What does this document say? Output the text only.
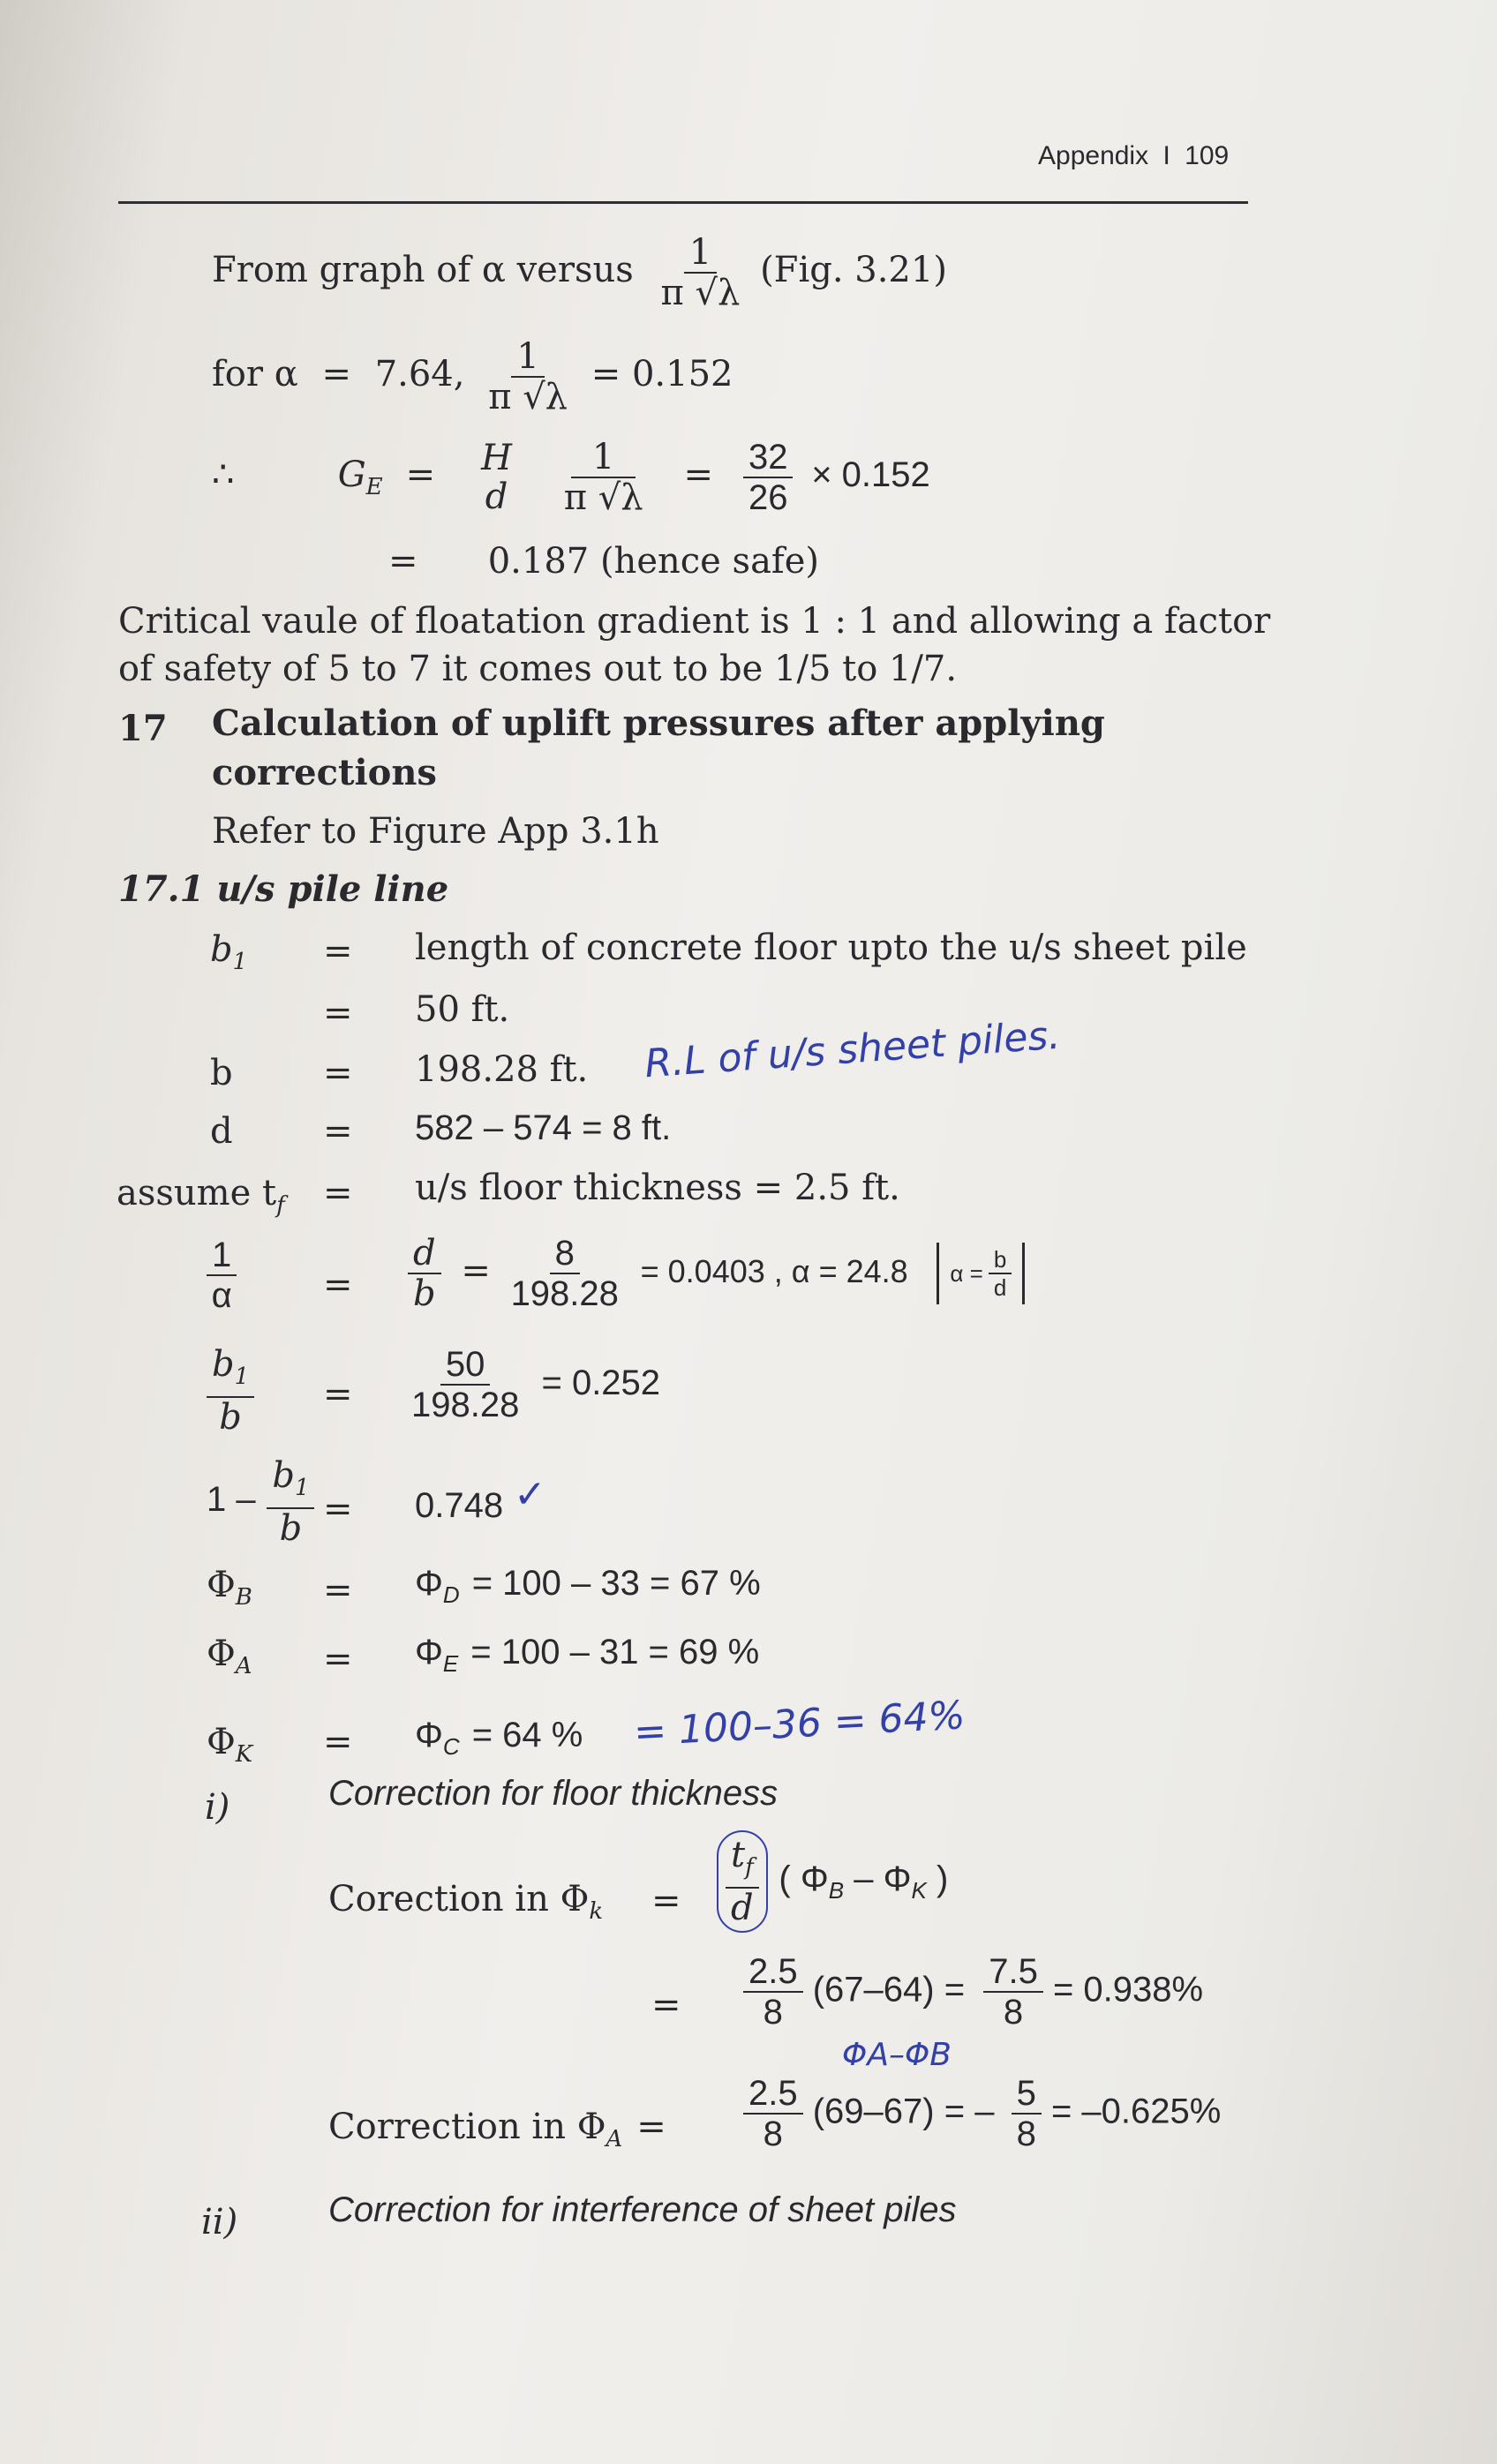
Appendix I 109
From graph of α versus $\frac{1}{\pi √\lambda} (Fig$. 3.21)
for α = 7.64, $\frac{1}{\pi √\lambda} = 0.152$
∴	$G_E = H$
d
$\frac{1}{\pi √\lambda} = \frac{32}{26} \times 0.152$
= 0.187 (hence safe)
Critical vaule of floatation gradient is 1 : 1 and allowing a factor
of safety of 5 to 7 it comes out to be 1/5 to 1/7.
17 Calculation of uplift pressures after applying
corrections
Refer to Figure App 3.1h
17.1 u/s pile line
$b_1$ = length of concrete floor upto the u/s sheet pile
= 50 ft.
b	= 198.28 ft. R.L of u/s sheet piles.
d	= 582 – 574 = 8 ft.
assume $t_f = u/s$ floor thickness = 2.5 ft.
$\frac{1}{\alpha} = \frac{d}{b} = \frac{8}{198.28} = 0.0403$ , α = 24.8 $\alpha = \frac{b}{d}$
$\frac{b_1}{b} = \frac{50}{198.28} = 0.252$
$1 - \frac{b_1}{b} = 0.748$ ✓
$\Phi_B = \Phi_D = 100 - 33 = 67$ %
$\Phi_A = \Phi_E = 100 - 31 = 69$ %
$\Phi_K = \Phi_C = 64$ % = 100–36 = 64%
i)	Correction for floor thickness
Corection in $\Phi_k = \frac{t_f}{d}$ ( $\Phi_B - \Phi_K$ )
= $\frac{2.5}{8} (67-64) = \frac{7.5}{8} = 0.938\%$
ΦA–ΦB
Correction in $\Phi_A = \frac{2.5}{8} (69-67)$ = – $\frac{5}{8} = -0.625\%$
ii)	Correction for interference of sheet piles
